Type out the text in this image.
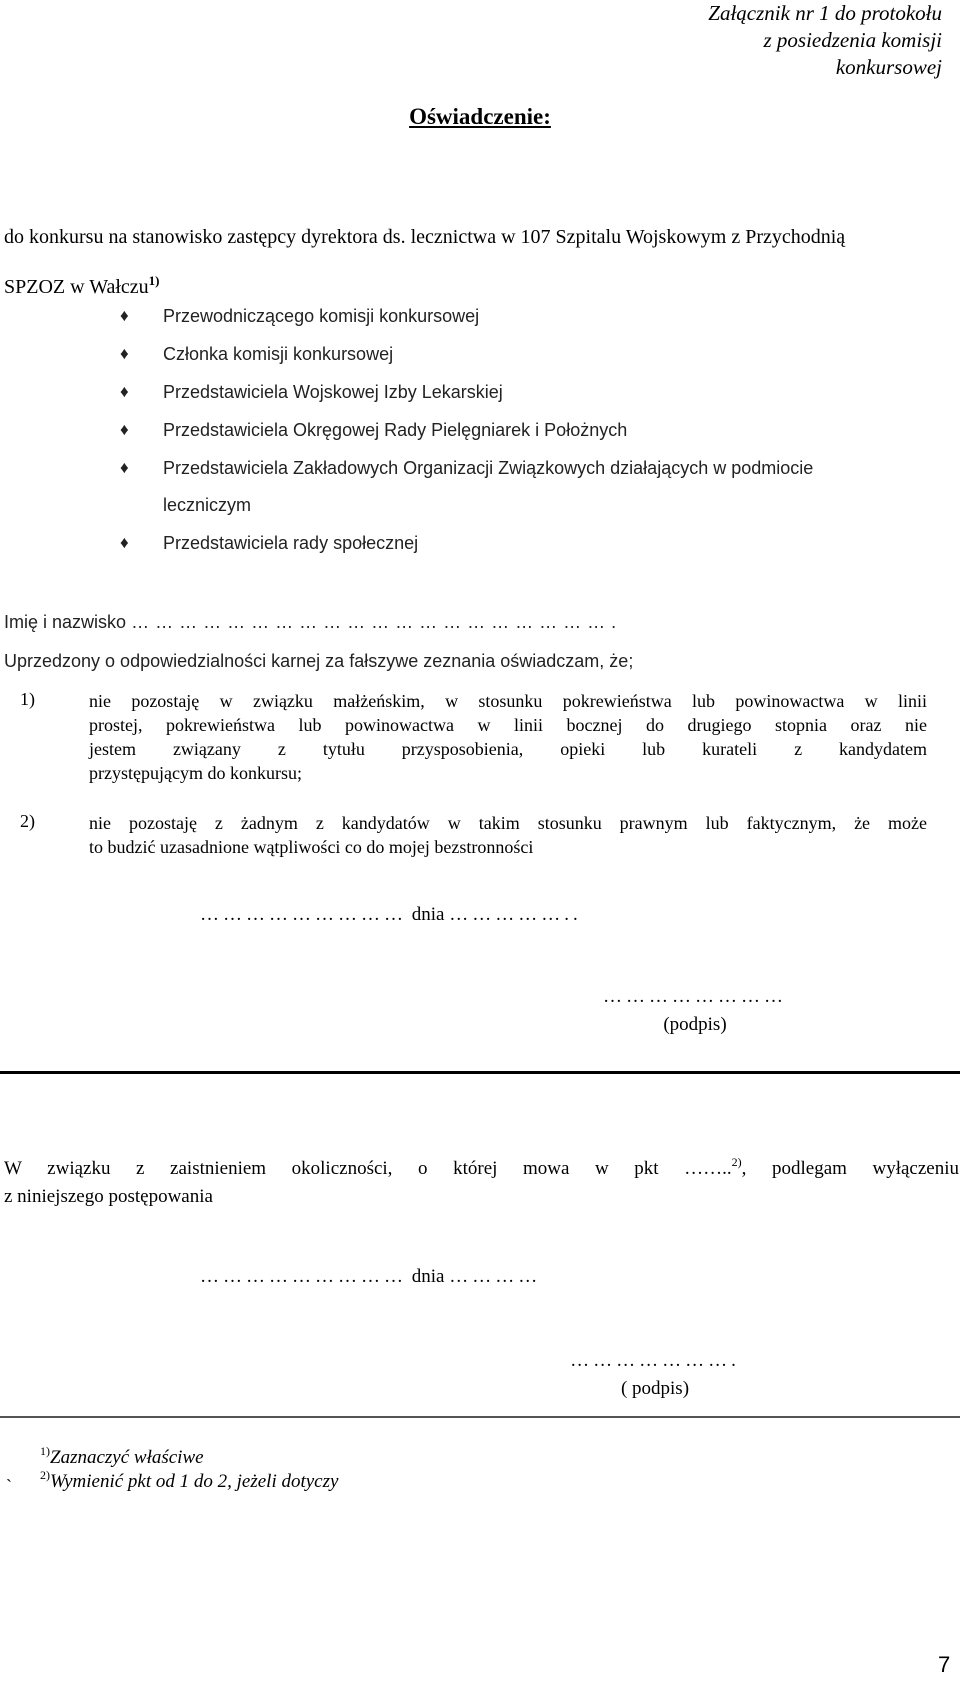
Załącznik nr 1 do protokołu
z posiedzenia komisji
konkursowej
Oświadczenie:
do konkursu na stanowisko zastępcy dyrektora ds. lecznictwa w 107 Szpitalu Wojskowym z Przychodnią
SPZOZ w Wałczu$^{1)}$
♦ Przewodniczącego komisji konkursowej
♦ Członka komisji konkursowej
♦ Przedstawiciela Wojskowej Izby Lekarskiej
♦ Przedstawiciela Okręgowej Rady Pielęgniarek i Położnych
♦ Przedstawiciela Zakładowych Organizacji Związkowych działających w podmiocie
leczniczym
♦ Przedstawiciela rady społecznej
Imię i nazwisko …………………………………………………….
Uprzedzony o odpowiedzialności karnej za fałszywe zeznania oświadczam, że;
1)	nie pozostaję w związku małżeńskim, w stosunku pokrewieństwa lub powinowactwa w linii
prostej, pokrewieństwa lub powinowactwa w linii bocznej do drugiego stopnia oraz nie
jestem związany z tytułu przysposobienia, opieki lub kurateli z kandydatem
przystępującym do konkursu;
2)	nie pozostaję z żadnym z kandydatów w takim stosunku prawnym lub faktycznym, że może
to budzić uzasadnione wątpliwości co do mojej bezstronności
……………………… dnia ……………..
……………………
(podpis)
W związku z zaistnieniem okoliczności, o której mowa w pkt ……..$^{2)}$, podlegam wyłączeniu
z niniejszego postępowania
……………………… dnia …………
………………….
( podpis)
$^{1)}$Zaznaczyć właściwe
$^{2)}$Wymienić pkt od 1 do 2, jeżeli dotyczy
`
7
